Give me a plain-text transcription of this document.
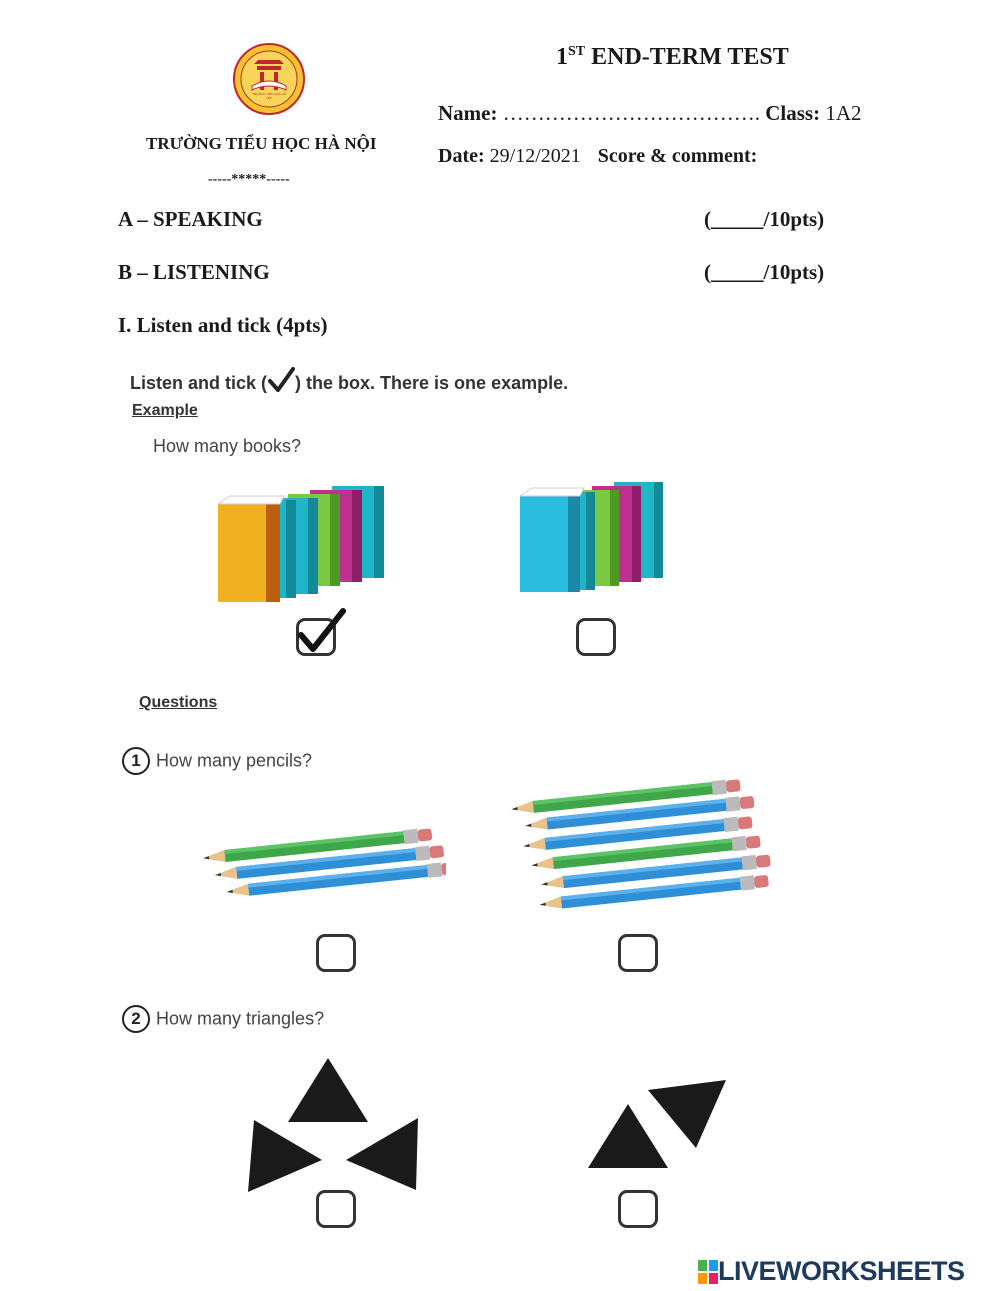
TRƯỜNG TIỂU HỌC HÀ NỘI
TRƯỜNG TIỂU HỌC HÀ NỘI
-----*****-----
1ST END-TERM TEST
Name: ………………………………. Class: 1A2
Date: 29/12/2021 Score & comment:
A – SPEAKING	(_____/10pts)
B – LISTENING	(_____/10pts)
I. Listen and tick (4pts)
Listen and tick ( ) the box. There is one example.
Example
How many books?
Questions
1 How many pencils?
2 How many triangles?
LIVEWORKSHEETS
